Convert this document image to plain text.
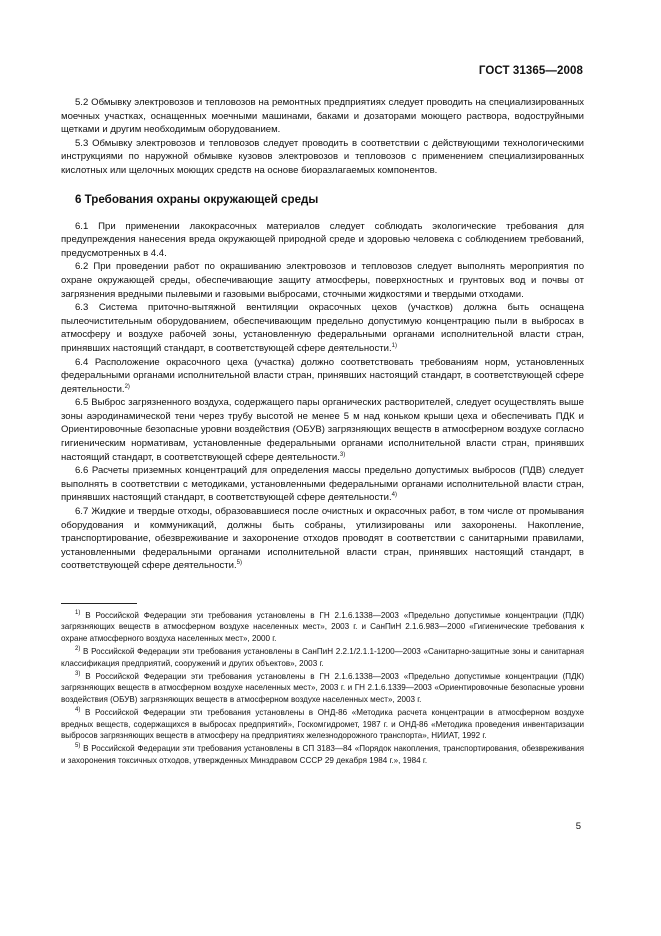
ГОСТ 31365—2008

5.2 Обмывку электровозов и тепловозов на ремонтных предприятиях следует проводить на специализированных моечных участках, оснащенных моечными машинами, баками и дозаторами моющего раствора, водоструйными щетками и другим необходимым оборудованием.

5.3 Обмывку электровозов и тепловозов следует проводить в соответствии с действующими технологическими инструкциями по наружной обмывке кузовов электровозов и тепловозов с применением специализированных кислотных или щелочных моющих средств на основе биоразлагаемых компонентов.

6 Требования охраны окружающей среды

6.1 При применении лакокрасочных материалов следует соблюдать экологические требования для предупреждения нанесения вреда окружающей природной среде и здоровью человека с соблюдением требований, предусмотренных в 4.4.

6.2 При проведении работ по окрашиванию электровозов и тепловозов следует выполнять мероприятия по охране окружающей среды, обеспечивающие защиту атмосферы, поверхностных и грунтовых вод и почвы от загрязнения вредными пылевыми и газовыми выбросами, сточными жидкостями и твердыми отходами.

6.3 Система приточно-вытяжной вентиляции окрасочных цехов (участков) должна быть оснащена пылеочистительным оборудованием, обеспечивающим предельно допустимую концентрацию пыли в выбросах в атмосферу и воздухе рабочей зоны, установленную федеральными органами исполнительной власти стран, принявших настоящий стандарт, в соответствующей сфере деятельности.$^{1)}$

6.4 Расположение окрасочного цеха (участка) должно соответствовать требованиям норм, установленных федеральными органами исполнительной власти стран, принявших настоящий стандарт, в соответствующей сфере деятельности.$^{2)}$

6.5 Выброс загрязненного воздуха, содержащего пары органических растворителей, следует осуществлять выше зоны аэродинамической тени через трубу высотой не менее 5 м над коньком крыши цеха и обеспечивать ПДК и Ориентировочные безопасные уровни воздействия (ОБУВ) загрязняющих веществ в атмосферном воздухе согласно гигиеническим нормативам, установленные федеральными органами исполнительной власти стран, принявших настоящий стандарт, в соответствующей сфере деятельности.$^{3)}$

6.6 Расчеты приземных концентраций для определения массы предельно допустимых выбросов (ПДВ) следует выполнять в соответствии с методиками, установленными федеральными органами исполнительной власти стран, принявших настоящий стандарт, в соответствующей сфере деятельности.$^{4)}$

6.7 Жидкие и твердые отходы, образовавшиеся после очистных и окрасочных работ, в том числе от промывания оборудования и коммуникаций, должны быть собраны, утилизированы или захоронены. Накопление, транспортирование, обезвреживание и захоронение отходов проводят в соответствии с санитарными правилами, установленными федеральными органами исполнительной власти стран, принявших настоящий стандарт, в соответствующей сфере деятельности.$^{5)}$

$^{1)}$ В Российской Федерации эти требования установлены в ГН 2.1.6.1338—2003 «Предельно допустимые концентрации (ПДК) загрязняющих веществ в атмосферном воздухе населенных мест», 2003 г. и СанПиН 2.1.6.983—2000 «Гигиенические требования к охране атмосферного воздуха населенных мест», 2000 г.

$^{2)}$ В Российской Федерации эти требования установлены в СанПиН 2.2.1/2.1.1-1200—2003 «Санитарно-защитные зоны и санитарная классификация предприятий, сооружений и других объектов», 2003 г.

$^{3)}$ В Российской Федерации эти требования установлены в ГН 2.1.6.1338—2003 «Предельно допустимые концентрации (ПДК) загрязняющих веществ в атмосферном воздухе населенных мест», 2003 г. и ГН 2.1.6.1339—2003 «Ориентировочные безопасные уровни воздействия (ОБУВ) загрязняющих веществ в атмосферном воздухе населенных мест», 2003 г.

$^{4)}$ В Российской Федерации эти требования установлены в ОНД-86 «Методика расчета концентрации в атмосферном воздухе вредных веществ, содержащихся в выбросах предприятий», Госкомгидромет, 1987 г. и ОНД-86 «Методика проведения инвентаризации выбросов загрязняющих веществ в атмосферу на предприятиях железнодорожного транспорта», НИИАТ, 1992 г.

$^{5)}$ В Российской Федерации эти требования установлены в СП 3183—84 «Порядок накопления, транспортирования, обезвреживания и захоронения токсичных отходов, утвержденных Минздравом СССР 29 декабря 1984 г.», 1984 г.

5
